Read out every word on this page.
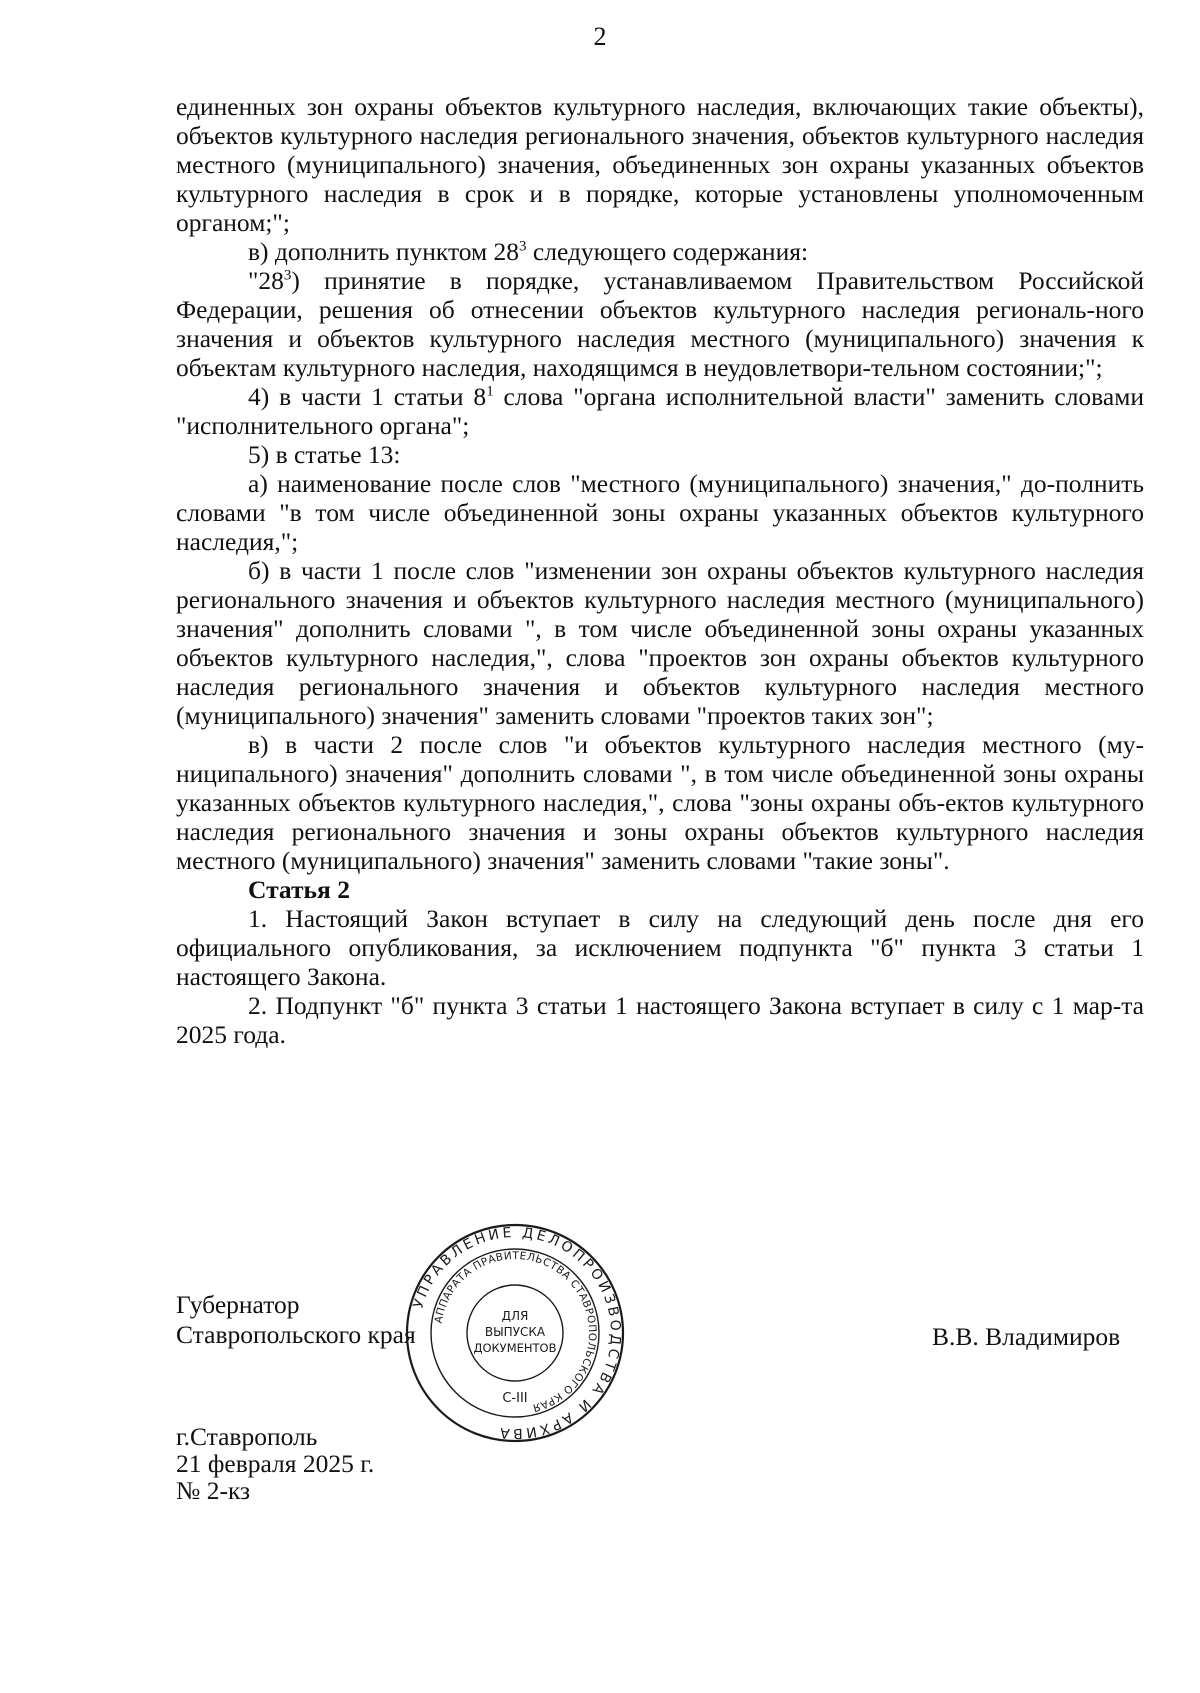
2

единенных зон охраны объектов культурного наследия, включающих такие объекты), объектов культурного наследия регионального значения, объектов культурного наследия местного (муниципального) значения, объединенных зон охраны указанных объектов культурного наследия в срок и в порядке, которые установлены уполномоченным органом;";

в) дополнить пунктом $28^3$ следующего содержания:

"$28^3$) принятие в порядке, устанавливаемом Правительством Российской Федерации, решения об отнесении объектов культурного наследия региональ-ного значения и объектов культурного наследия местного (муниципального) значения к объектам культурного наследия, находящимся в неудовлетвори-тельном состоянии;";

4) в части 1 статьи $8^1$ слова "органа исполнительной власти" заменить словами "исполнительного органа";

5) в статье 13:

а) наименование после слов "местного (муниципального) значения," до-полнить словами "в том числе объединенной зоны охраны указанных объектов культурного наследия,";

б) в части 1 после слов "изменении зон охраны объектов культурного наследия регионального значения и объектов культурного наследия местного (муниципального) значения" дополнить словами ", в том числе объединенной зоны охраны указанных объектов культурного наследия,", слова "проектов зон охраны объектов культурного наследия регионального значения и объектов культурного наследия местного (муниципального) значения" заменить словами "проектов таких зон";

в) в части 2 после слов "и объектов культурного наследия местного (му-ниципального) значения" дополнить словами ", в том числе объединенной зоны охраны указанных объектов культурного наследия,", слова "зоны охраны объ-ектов культурного наследия регионального значения и зоны охраны объектов культурного наследия местного (муниципального) значения" заменить словами "такие зоны".

Статья 2

1. Настоящий Закон вступает в силу на следующий день после дня его официального опубликования, за исключением подпункта "б" пункта 3 статьи 1 настоящего Закона.

2. Подпункт "б" пункта 3 статьи 1 настоящего Закона вступает в силу с 1 мар-та 2025 года.

Губернатор
Ставропольского края	В.В. Владимиров
УПРАВЛЕНИЕ ДЕЛОПРОИЗВОДСТВА И АРХИВА
АППАРАТА ПРАВИТЕЛЬСТВА СТАВРОПОЛЬСКОГО КРАЯ
ДЛЯ
ВЫПУСКА
ДОКУМЕНТОВ
С-III
г.Ставрополь
21 февраля 2025 г.
№ 2-кз
